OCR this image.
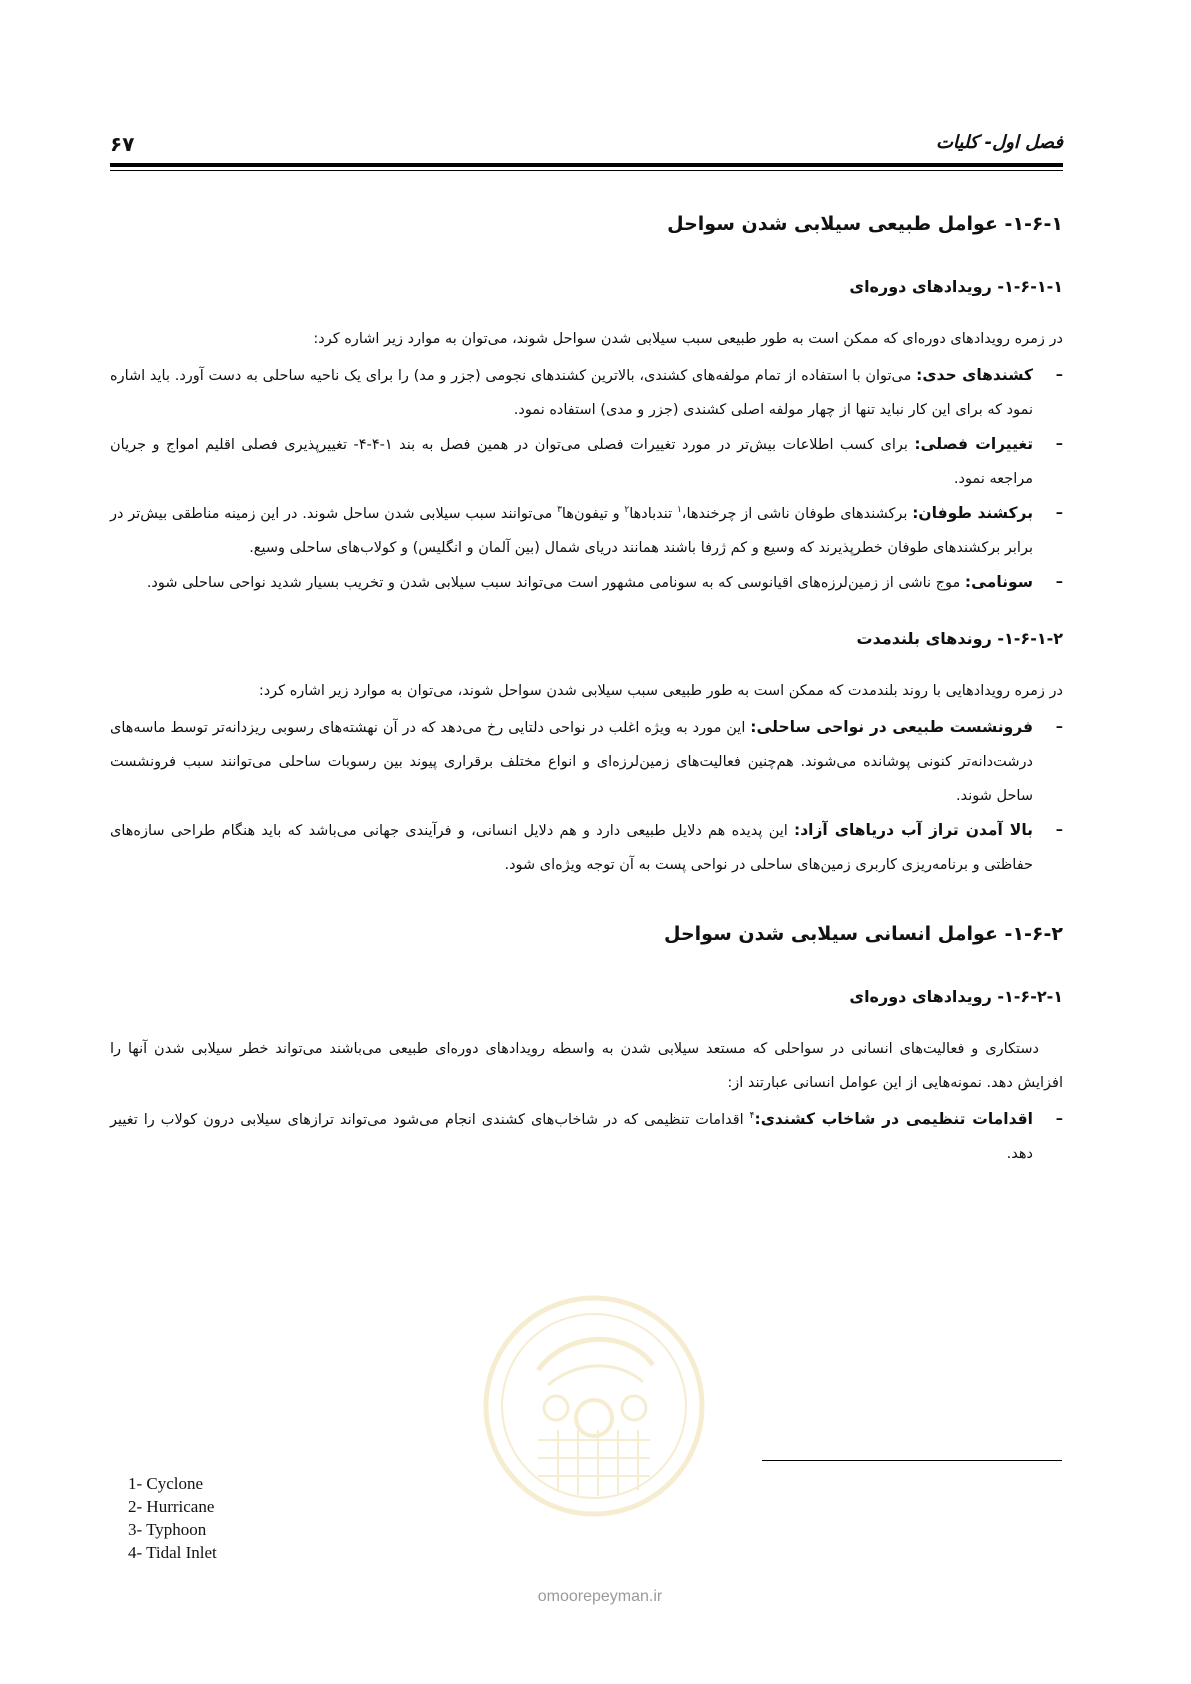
۶۷	فصل اول- کلیات
۱-۶-۱- عوامل طبیعی سیلابی شدن سواحل
۱-۶-۱-۱- رویدادهای دوره‌ای

در زمره رویدادهای دوره‌ای که ممکن است به طور طبیعی سبب سیلابی شدن سواحل شوند، می‌توان به موارد زیر اشاره کرد:

–
کشندهای حدی: می‌توان با استفاده از تمام مولفه‌های کشندی، بالاترین کشندهای نجومی (جزر و مد) را برای یک ناحیه ساحلی به دست آورد. باید اشاره نمود که برای این کار نباید تنها از چهار مولفه اصلی کشندی (جزر و مدی) استفاده نمود.
–
تغییرات فصلی: برای کسب اطلاعات بیش‌تر در مورد تغییرات فصلی می‌توان در همین فصل به بند ۱-۴-۴- تغییرپذیری فصلی اقلیم امواج و جریان مراجعه نمود.
–
برکشند طوفان: برکشندهای طوفان ناشی از چرخندها،$^۱$ تندبادها$^۲$ و تیفون‌ها$^۳$ می‌توانند سبب سیلابی شدن ساحل شوند. در این زمینه مناطقی بیش‌تر در برابر برکشندهای طوفان خطرپذیرند که وسیع و کم ژرفا باشند همانند دریای شمال (بین آلمان و انگلیس) و کولاب‌های ساحلی وسیع.
–
سونامی: موج ناشی از زمین‌لرزه‌های اقیانوسی که به سونامی مشهور است می‌تواند سبب سیلابی شدن و تخریب بسیار شدید نواحی ساحلی شود.
۱-۶-۱-۲- روندهای بلندمدت

در زمره رویدادهایی با روند بلندمدت که ممکن است به طور طبیعی سبب سیلابی شدن سواحل شوند، می‌توان به موارد زیر اشاره کرد:

–
فرونشست طبیعی در نواحی ساحلی: این مورد به ویژه اغلب در نواحی دلتایی رخ می‌دهد که در آن نهشته‌های رسوبی ریزدانه‌تر توسط ماسه‌های درشت‌دانه‌تر کنونی پوشانده می‌شوند. هم‌چنین فعالیت‌های زمین‌لرزه‌ای و انواع مختلف برقراری پیوند بین رسوبات ساحلی می‌توانند سبب فرونشست ساحل شوند.
–
بالا آمدن تراز آب دریاهای آزاد: این پدیده هم دلایل طبیعی دارد و هم دلایل انسانی، و فرآیندی جهانی می‌باشد که باید هنگام طراحی سازه‌های حفاظتی و برنامه‌ریزی کاربری زمین‌های ساحلی در نواحی پست به آن توجه ویژه‌ای شود.
۱-۶-۲- عوامل انسانی سیلابی شدن سواحل
۱-۶-۲-۱- رویدادهای دوره‌ای

دستکاری و فعالیت‌های انسانی در سواحلی که مستعد سیلابی شدن به واسطه رویدادهای دوره‌ای طبیعی می‌باشند می‌تواند خطر سیلابی شدن آنها را افزایش دهد. نمونه‌هایی از این عوامل انسانی عبارتند از:

–
اقدامات تنظیمی در شاخاب کشندی:$^۴$ اقدامات تنظیمی که در شاخاب‌های کشندی انجام می‌شود می‌تواند ترازهای سیلابی درون کولاب را تغییر دهد.
1- Cyclone
2- Hurricane
3- Typhoon
4- Tidal Inlet
omoorepeyman.ir
